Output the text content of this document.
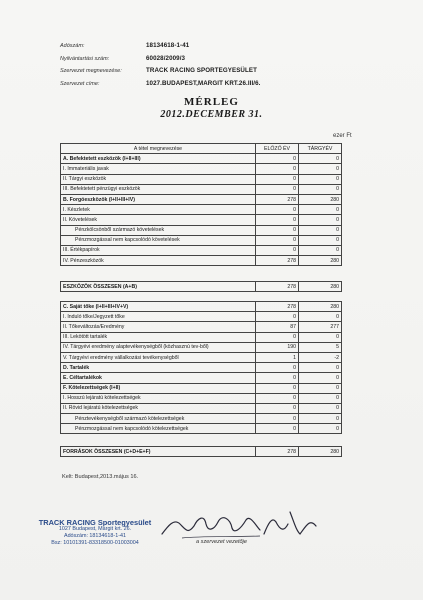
Adószám:	18134618-1-41
Nyilvántartási szám:	60028/2009/3
Szervezet megnevezése:	TRACK RACING SPORTEGYESÜLET
Szervezet címe:	1027.BUDAPEST,MARGIT KRT.26.III/6.
MÉRLEG
2012.DECEMBER 31.
ezer Ft
A tétel megnevezése	ELŐZŐ ÉV	TÁRGYÉV
A. Befektetett eszközök (I+II+III)	0	0
I. Immateriális javak	0	0
II. Tárgyi eszközök	0	0
III. Befektetett pénzügyi eszközök	0	0
B. Forgóeszközök (I+II+III+IV)	278	280
I. Készletek	0	0
II. Követelések	0	0
Pénzkölcsönből származó követelések	0	0
Pénzmozgással nem kapcsolódó követelések	0	0
III. Értékpapírok	0	0
IV. Pénzeszközök	278	280
ESZKÖZÖK ÖSSZESEN (A+B)	278	280
C. Saját tőke (I+II+III+IV+V)	278	280
I. Induló tőke/Jegyzett tőke	0	0
II. Tőkeváltozás/Eredmény	87	277
III. Lekötött tartalék	0	0
IV. Tárgyévi eredmény alaptevékenységből (közhasznú tev-ből)	190	5
V. Tárgyévi eredmény vállalkozási tevékenységből	1	-2
D. Tartalék	0	0
E. Céltartalékok	0	0
F. Kötelezettségek (I+II)	0	0
I. Hosszú lejáratú kötelezettségek	0	0
II. Rövid lejáratú kötelezettségek	0	0
Pénztevékenységből származó kötelezettségek	0	0
Pénzmozgással nem kapcsolódó kötelezettségek	0	0
FORRÁSOK ÖSSZESEN (C+D+E+F)	278	280
Kelt: Budapest,2013.május 16.
TRACK RACING Sportegyesület
1027 Budapest, Margit krt. 26.
Adószám: 18134618-1-41
Bsz: 10101391-83318500-01003004	a szervezet vezetője
